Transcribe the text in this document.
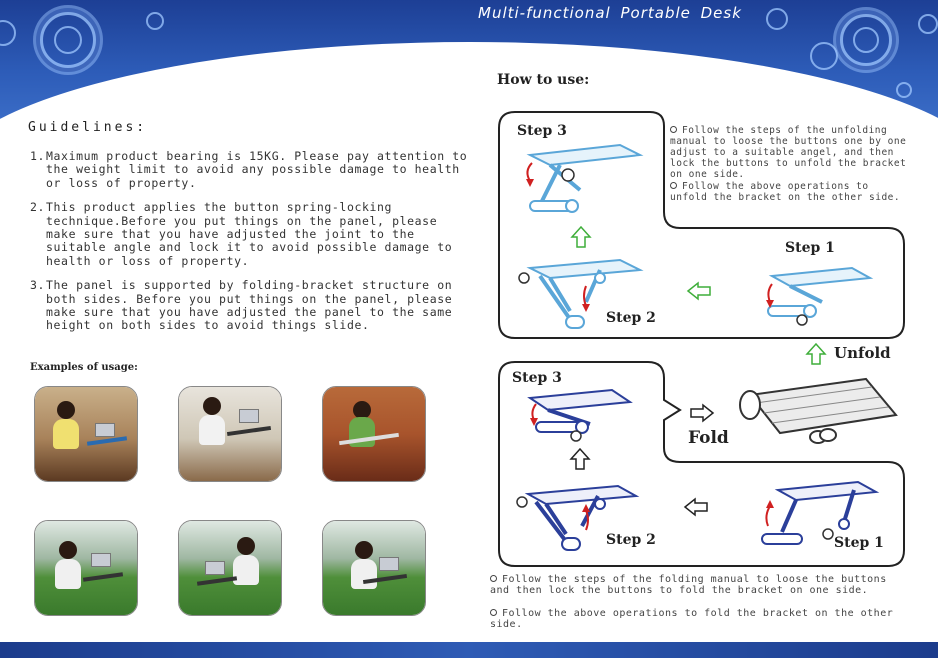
Multi-functional Portable Desk
Guidelines:
1.Maximum product bearing is 15KG. Please pay attention to the weight limit to avoid any possible damage to health or loss of property.
2.This product applies the button spring-locking technique.Before you put things on the panel, please make sure that you have adjusted the joint to the suitable angle and lock it to avoid possible damage to health or loss of property.
3.The panel is supported by folding-bracket structure on both sides. Before you put things on the panel, please make sure that you have adjusted the panel to the same height on both sides to avoid things slide.
Examples of usage:
How to use:
Step 3
Step 2
Step 1
Follow the steps of the unfolding manual to loose the buttons one by one adjust to a suitable angel, and then lock the buttons to unfold the bracket on one side.
Follow the above operations to unfold the bracket on the other side.
Unfold
Fold
Step 3
Step 2	Step 1
Follow the steps of the folding manual to loose the buttons and then lock the buttons to fold the bracket on one side.
Follow the above operations to fold the bracket on the other side.
